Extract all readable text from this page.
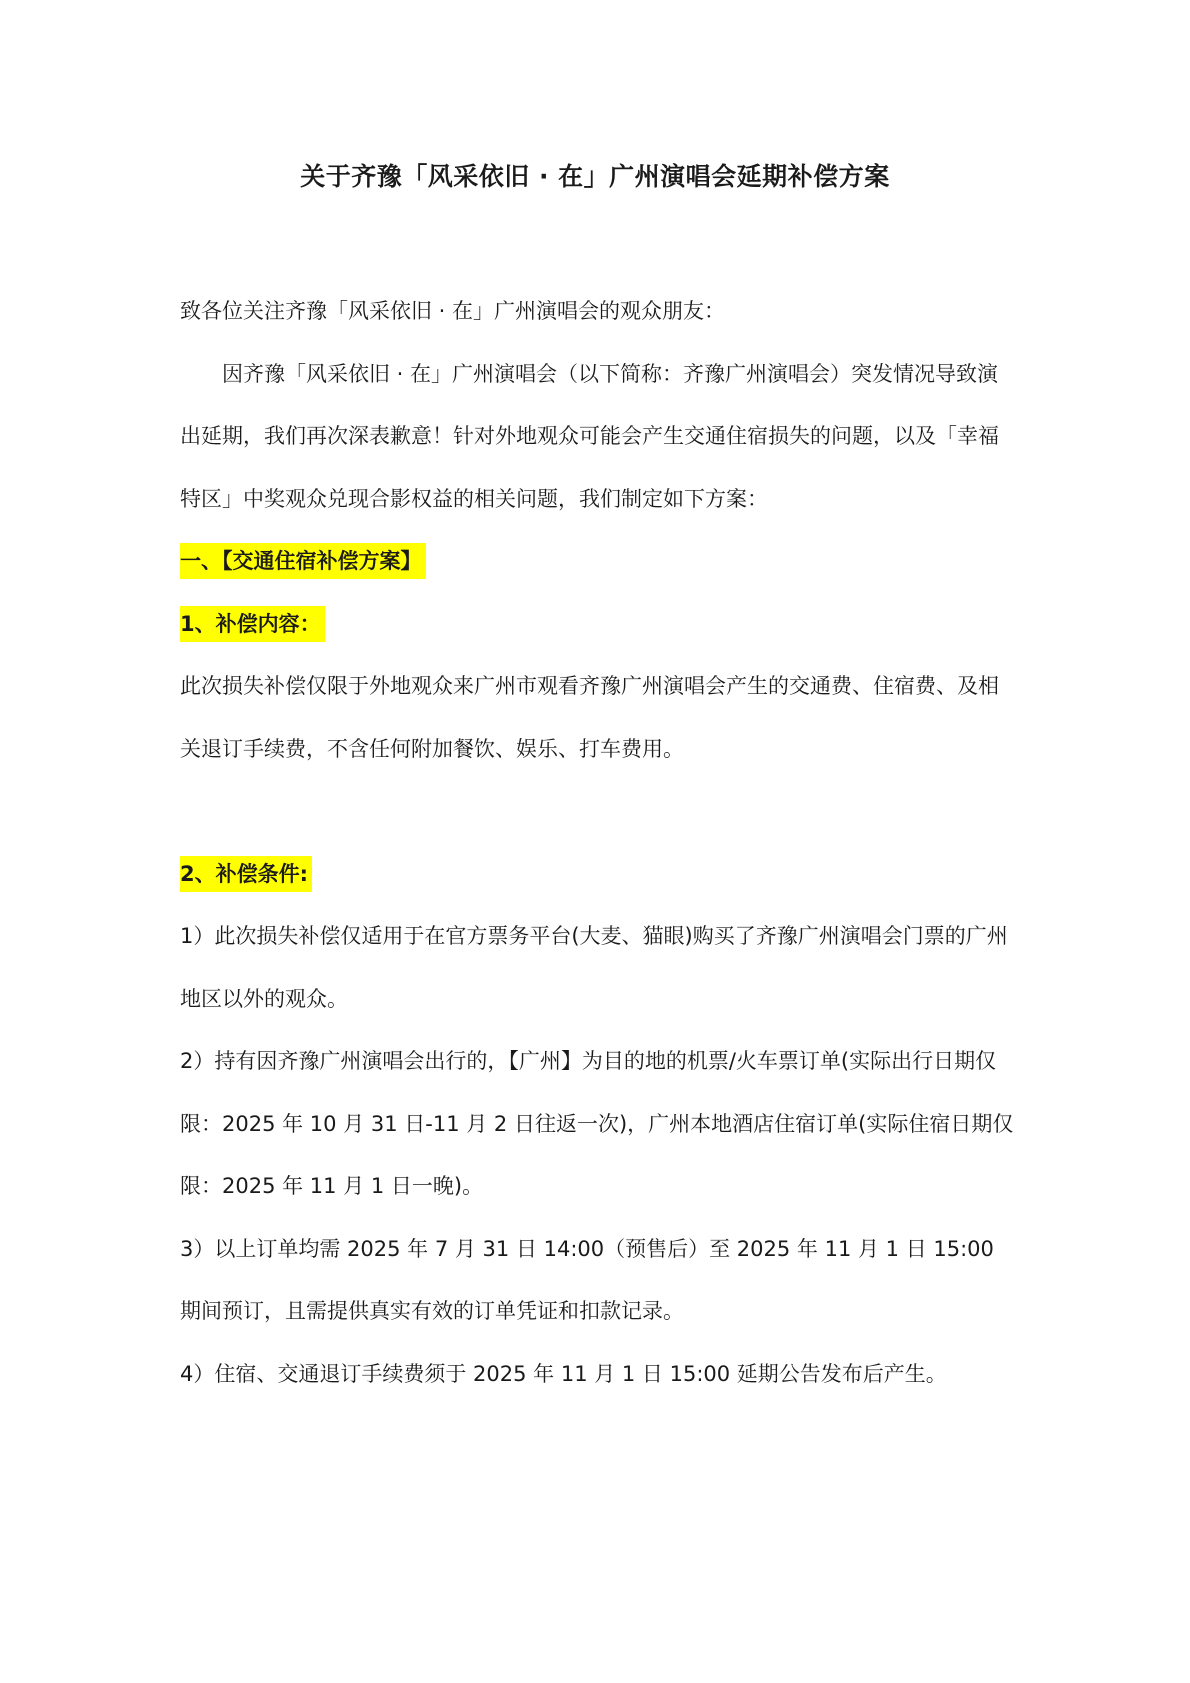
关于齐豫「风采依旧 · 在」广州演唱会延期补偿方案

致各位关注齐豫「风采依旧 · 在」广州演唱会的观众朋友：

因齐豫「风采依旧 · 在」广州演唱会（以下简称：齐豫广州演唱会）突发情况导致演出延期，我们再次深表歉意！针对外地观众可能会产生交通住宿损失的问题，以及「幸福特区」中奖观众兑现合影权益的相关问题，我们制定如下方案：

一、【交通住宿补偿方案】

1、补偿内容：

此次损失补偿仅限于外地观众来广州市观看齐豫广州演唱会产生的交通费、住宿费、及相关退订手续费，不含任何附加餐饮、娱乐、打车费用。

2、补偿条件:

1）此次损失补偿仅适用于在官方票务平台(大麦、猫眼)购买了齐豫广州演唱会门票的广州地区以外的观众。

2）持有因齐豫广州演唱会出行的，【广州】为目的地的机票/火车票订单(实际出行日期仅限：2025 年 10 月 31 日-11 月 2 日往返一次)，广州本地酒店住宿订单(实际住宿日期仅限：2025 年 11 月 1 日一晚)。

3）以上订单均需 2025 年 7 月 31 日 14:00（预售后）至 2025 年 11 月 1 日 15:00 期间预订，且需提供真实有效的订单凭证和扣款记录。

4）住宿、交通退订手续费须于 2025 年 11 月 1 日 15:00 延期公告发布后产生。
